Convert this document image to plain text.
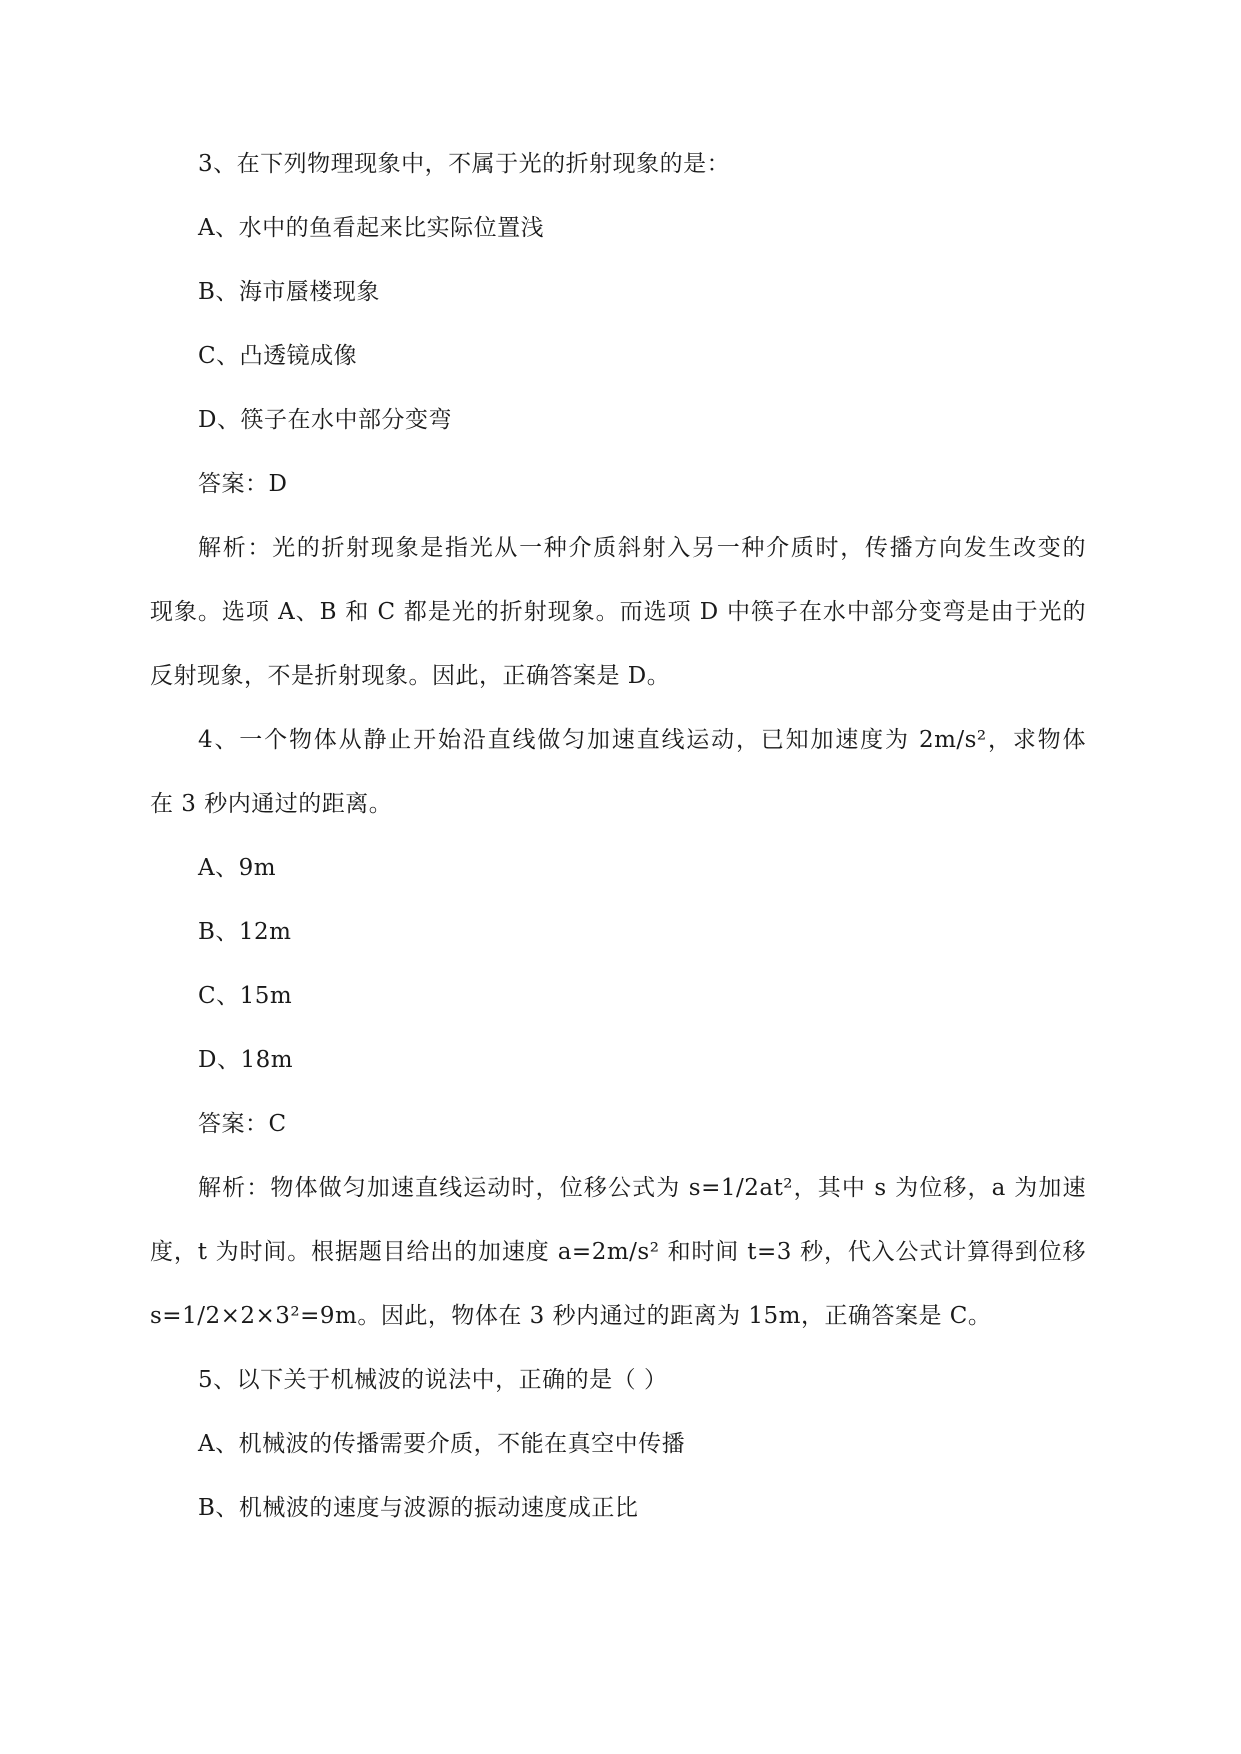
3、在下列物理现象中，不属于光的折射现象的是：
A、水中的鱼看起来比实际位置浅
B、海市蜃楼现象
C、凸透镜成像
D、筷子在水中部分变弯
答案：D
解析：光的折射现象是指光从一种介质斜射入另一种介质时，传播方向发生改变的
现象。选项 A、B 和 C 都是光的折射现象。而选项 D 中筷子在水中部分变弯是由于光的
反射现象，不是折射现象。因此，正确答案是 D。
4、一个物体从静止开始沿直线做匀加速直线运动，已知加速度为 2m/s²，求物体
在 3 秒内通过的距离。
A、9m
B、12m
C、15m
D、18m
答案：C
解析：物体做匀加速直线运动时，位移公式为 s=1/2at²，其中 s 为位移，a 为加速
度，t 为时间。根据题目给出的加速度 a=2m/s² 和时间 t=3 秒，代入公式计算得到位移
s=1/2×2×3²=9m。因此，物体在 3 秒内通过的距离为 15m，正确答案是 C。
5、以下关于机械波的说法中，正确的是（ ）
A、机械波的传播需要介质，不能在真空中传播
B、机械波的速度与波源的振动速度成正比
